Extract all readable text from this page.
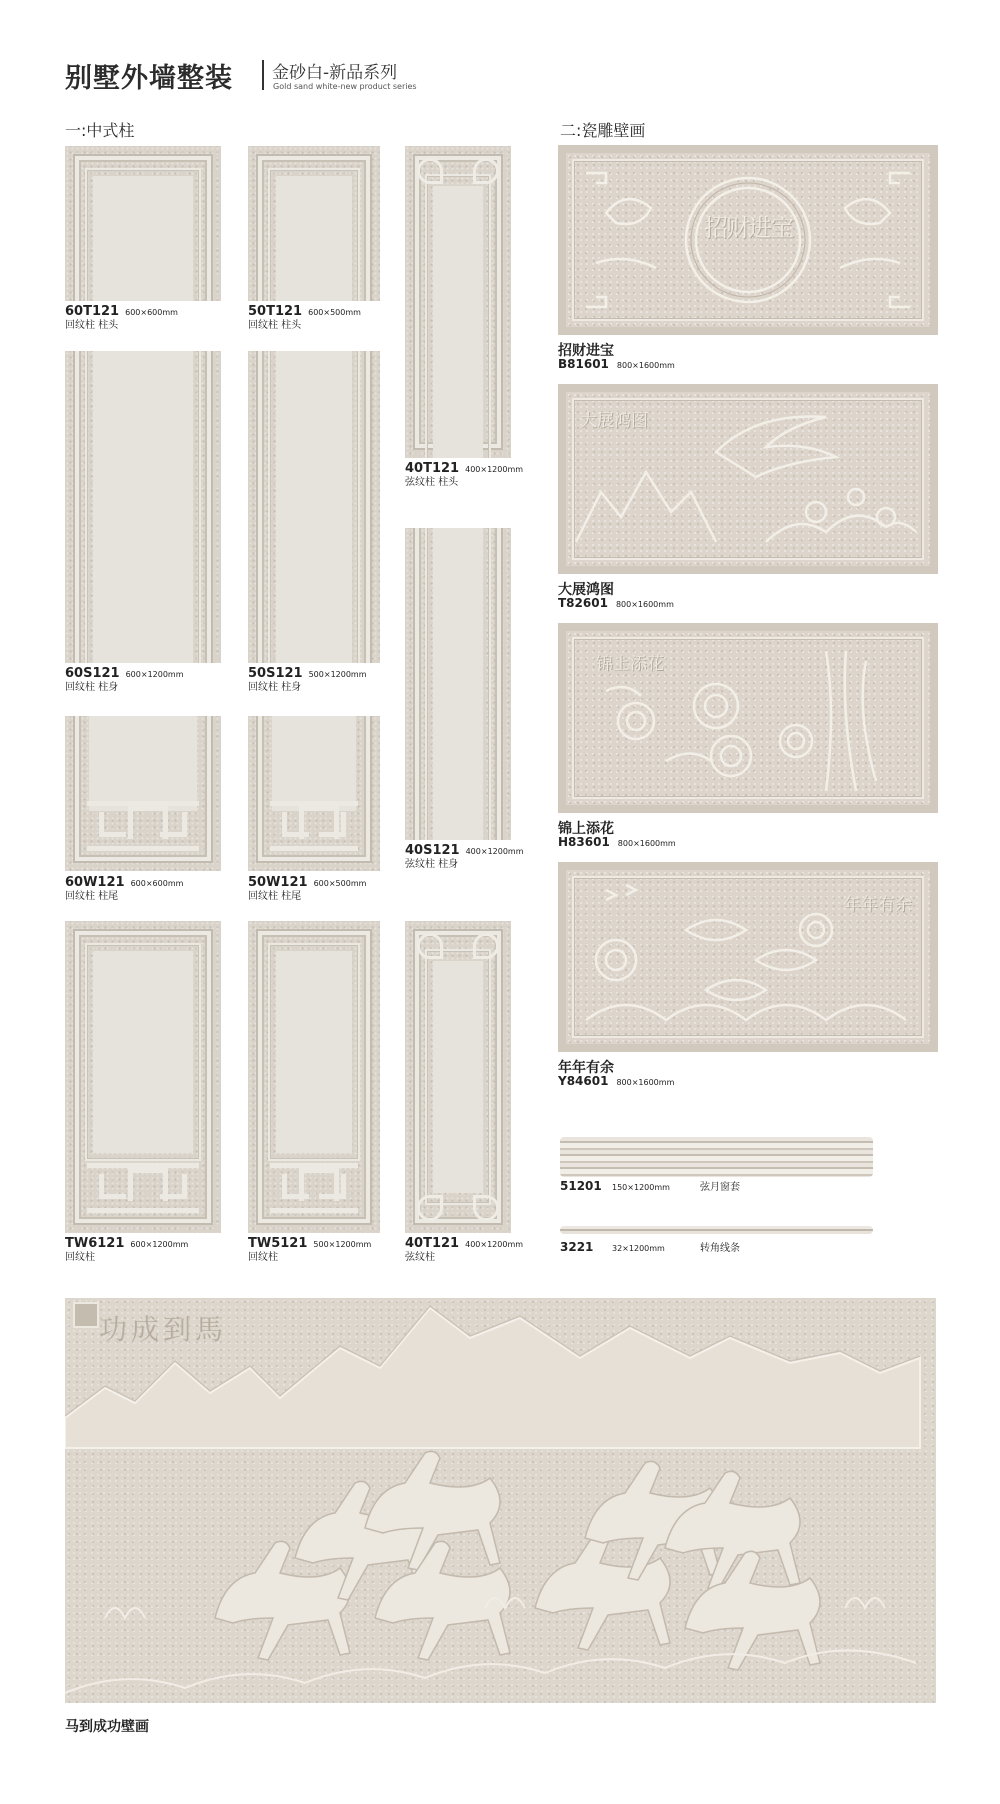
别墅外墙整装 金砂白-新品系列
Gold sand white-new product series
一:中式柱	二:瓷雕壁画
60T121 600×600mm
回纹柱 柱头
50T121 600×500mm
回纹柱 柱头
40T121 400×1200mm
弦纹柱 柱头
60S121 600×1200mm
回纹柱 柱身
50S121 500×1200mm
回纹柱 柱身
40S121 400×1200mm
弦纹柱 柱身
60W121 600×600mm
回纹柱 柱尾
50W121 600×500mm
回纹柱 柱尾
TW6121 600×1200mm
回纹柱
TW5121 500×1200mm
回纹柱
40T121 400×1200mm
弦纹柱
招财进宝
招财进宝
B81601 800×1600mm
大展鸿图
大展鸿图
T82601 800×1600mm
锦上添花
锦上添花
H83601 800×1600mm
年年有余
年年有余
Y84601 800×1600mm
51201 150×1200mm	弦月窗套
3221 32×1200mm	转角线条
功成到馬
马到成功壁画
